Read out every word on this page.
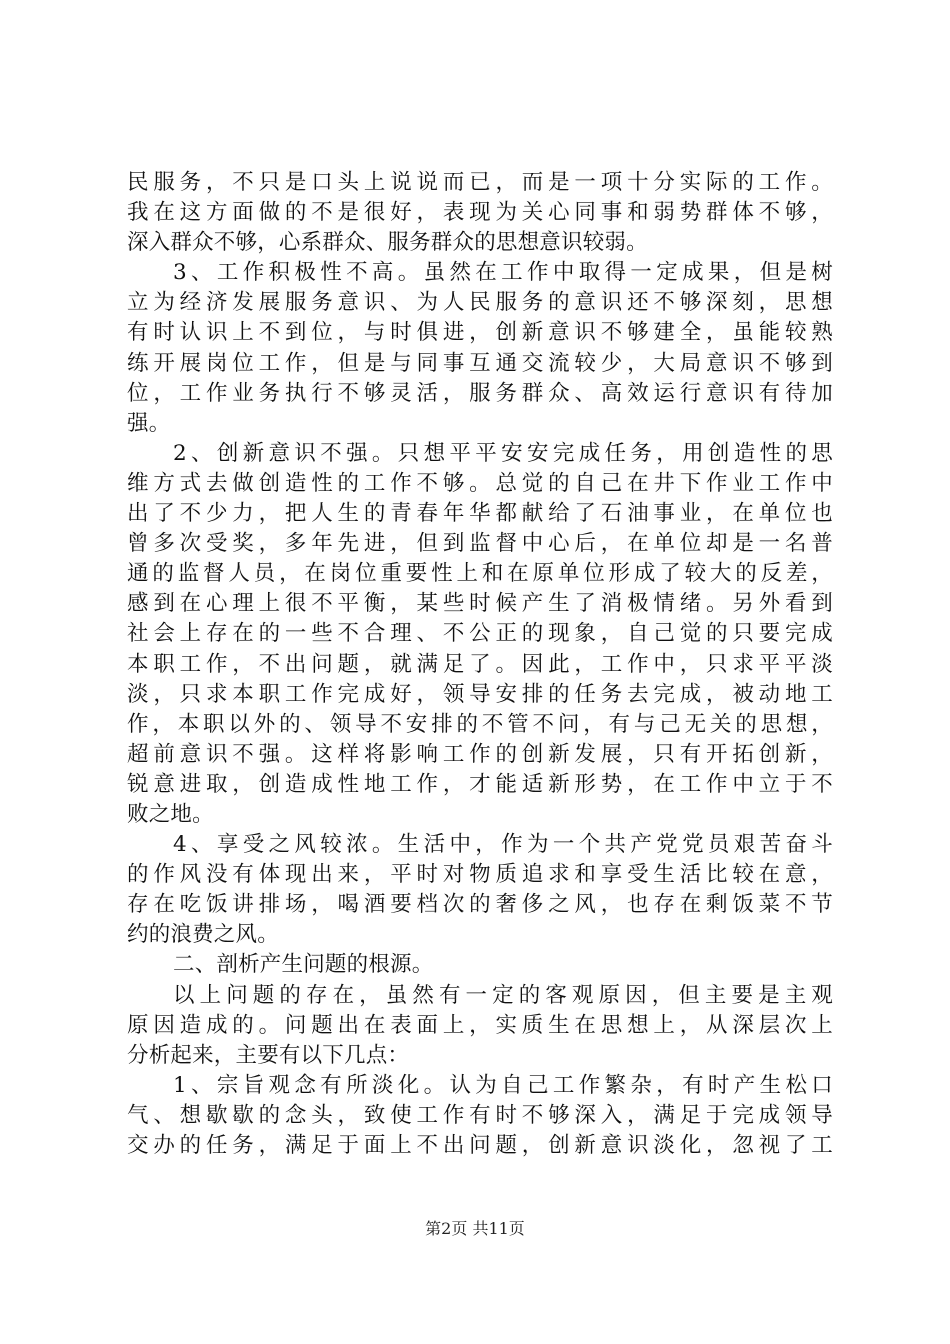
民服务，不只是口头上说说而已，而是一项十分实际的工作。
我在这方面做的不是很好，表现为关心同事和弱势群体不够，
深入群众不够，心系群众、服务群众的思想意识较弱。
3、工作积极性不高。虽然在工作中取得一定成果，但是树
立为经济发展服务意识、为人民服务的意识还不够深刻，思想
有时认识上不到位，与时俱进，创新意识不够建全，虽能较熟
练开展岗位工作，但是与同事互通交流较少，大局意识不够到
位，工作业务执行不够灵活，服务群众、高效运行意识有待加
强。
2、创新意识不强。只想平平安安完成任务，用创造性的思
维方式去做创造性的工作不够。总觉的自己在井下作业工作中
出了不少力，把人生的青春年华都献给了石油事业，在单位也
曾多次受奖，多年先进，但到监督中心后，在单位却是一名普
通的监督人员，在岗位重要性上和在原单位形成了较大的反差，
感到在心理上很不平衡，某些时候产生了消极情绪。另外看到
社会上存在的一些不合理、不公正的现象，自己觉的只要完成
本职工作，不出问题，就满足了。因此，工作中，只求平平淡
淡，只求本职工作完成好，领导安排的任务去完成，被动地工
作，本职以外的、领导不安排的不管不问，有与己无关的思想，
超前意识不强。这样将影响工作的创新发展，只有开拓创新，
锐意进取，创造成性地工作，才能适新形势，在工作中立于不
败之地。
4、享受之风较浓。生活中，作为一个共产党党员艰苦奋斗
的作风没有体现出来，平时对物质追求和享受生活比较在意，
存在吃饭讲排场，喝酒要档次的奢侈之风，也存在剩饭菜不节
约的浪费之风。
二、剖析产生问题的根源。
以上问题的存在，虽然有一定的客观原因，但主要是主观
原因造成的。问题出在表面上，实质生在思想上，从深层次上
分析起来，主要有以下几点：
1、宗旨观念有所淡化。认为自己工作繁杂，有时产生松口
气、想歇歇的念头，致使工作有时不够深入，满足于完成领导
交办的任务，满足于面上不出问题，创新意识淡化，忽视了工
第2页 共11页
